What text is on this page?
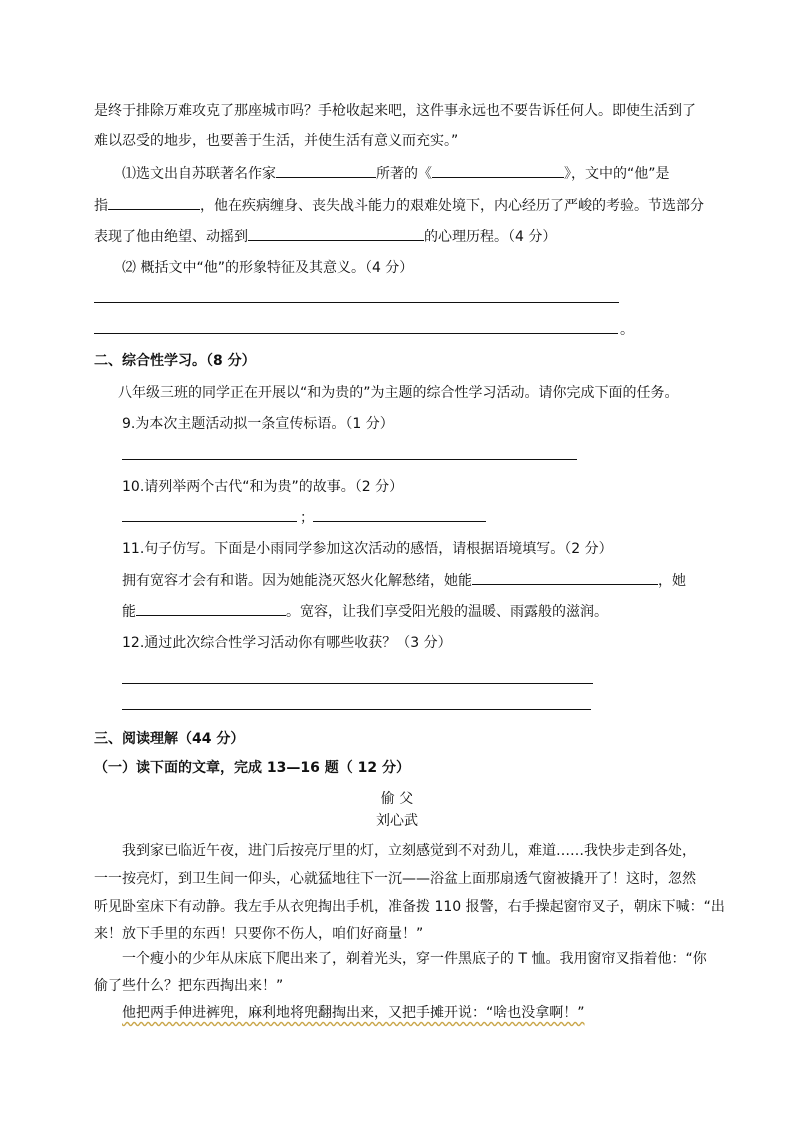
是终于排除万难攻克了那座城市吗？手枪收起来吧，这件事永远也不要告诉任何人。即使生活到了
难以忍受的地步，也要善于生活，并使生活有意义而充实。”
⑴选文出自苏联著名作家	所著的《	》，文中的“他”是
指	，他在疾病缠身、丧失战斗能力的艰难处境下，内心经历了严峻的考验。节选部分
表现了他由绝望、动摇到	的心理历程。（4 分）
⑵ 概括文中“他”的形象特征及其意义。（4 分）
。
二、综合性学习。（8 分）
八年级三班的同学正在开展以“和为贵的”为主题的综合性学习活动。请你完成下面的任务。
9.为本次主题活动拟一条宣传标语。（1 分）
10.请列举两个古代“和为贵”的故事。（2 分）
；
11.句子仿写。下面是小雨同学参加这次活动的感悟，请根据语境填写。（2 分）
拥有宽容才会有和谐。因为她能浇灭怒火化解愁绪，她能	，她
能	。宽容，让我们享受阳光般的温暖、雨露般的滋润。
12.通过此次综合性学习活动你有哪些收获？（3 分）
三、阅读理解（44 分）
（一）读下面的文章，完成 13—16 题（ 12 分）
偷 父
刘心武
我到家已临近午夜，进门后按亮厅里的灯，立刻感觉到不对劲儿，难道……我快步走到各处，
一一按亮灯，到卫生间一仰头，心就猛地往下一沉——浴盆上面那扇透气窗被撬开了！这时，忽然
听见卧室床下有动静。我左手从衣兜掏出手机，准备拨 110 报警，右手操起窗帘叉子，朝床下喊：“出
来！放下手里的东西！只要你不伤人，咱们好商量！”
一个瘦小的少年从床底下爬出来了，剃着光头，穿一件黑底子的 T 恤。我用窗帘叉指着他：“你
偷了些什么？把东西掏出来！”
他把两手伸进裤兜，麻利地将兜翻掏出来，又把手摊开说：“啥也没拿啊！”
